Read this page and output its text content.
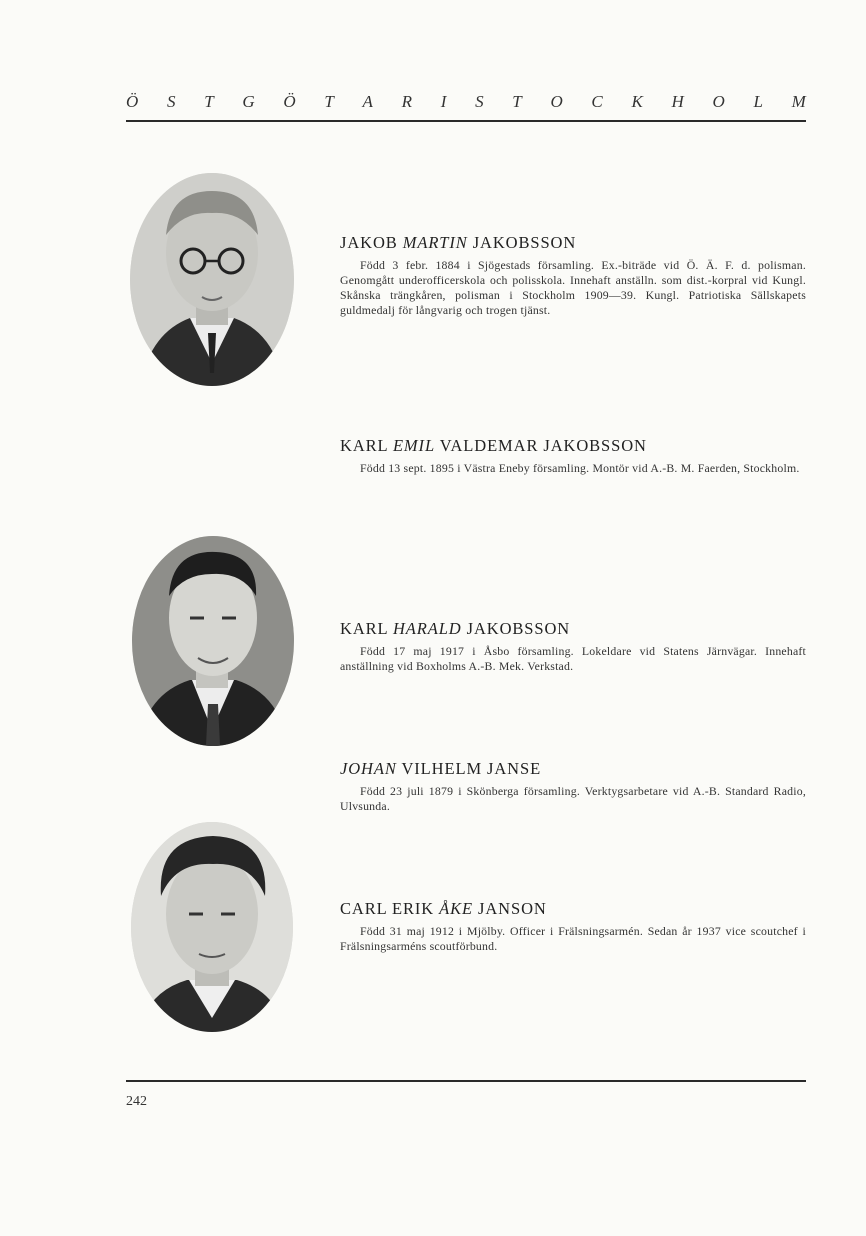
Ö S T G Ö T A R I S T O C K H O L M
JAKOB MARTIN JAKOBSSON

Född 3 febr. 1884 i Sjögestads församling. Ex.-biträde vid Ö. Ä. F. d. polisman. Genomgått underofficerskola och polisskola. Innehaft anställn. som dist.-korpral vid Kungl. Skånska trängkåren, polisman i Stockholm 1909—39. Kungl. Patriotiska Sällskapets guldmedalj för långvarig och trogen tjänst.

KARL EMIL VALDEMAR JAKOBSSON

Född 13 sept. 1895 i Västra Eneby församling. Montör vid A.-B. M. Faerden, Stockholm.

KARL HARALD JAKOBSSON

Född 17 maj 1917 i Åsbo församling. Lokeldare vid Statens Järnvägar. Innehaft anställning vid Boxholms A.-B. Mek. Verkstad.

JOHAN VILHELM JANSE

Född 23 juli 1879 i Skönberga församling. Verktygsarbetare vid A.-B. Standard Radio, Ulvsunda.

CARL ERIK ÅKE JANSON

Född 31 maj 1912 i Mjölby. Officer i Frälsningsarmén. Sedan år 1937 vice scoutchef i Frälsningsarméns scoutförbund.

242
